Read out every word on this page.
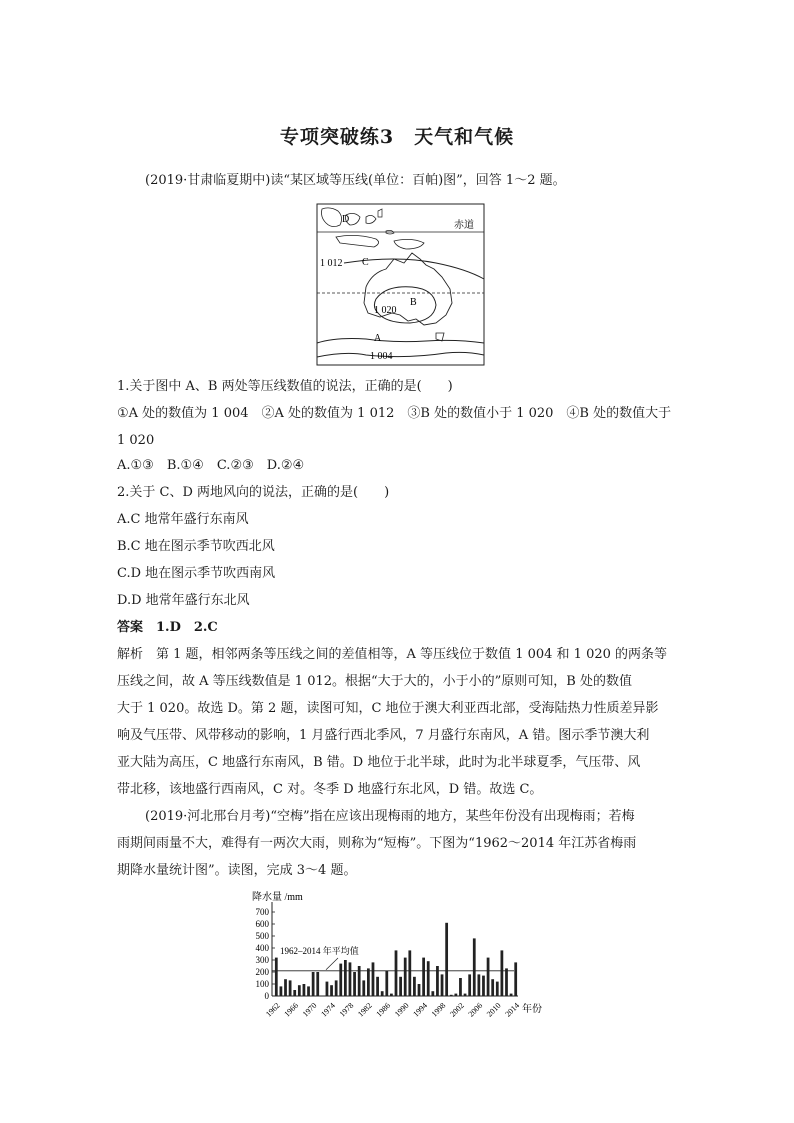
专项突破练3　天气和气候
(2019·甘肃临夏期中)读“某区域等压线(单位：百帕)图”，回答 1～2 题。
赤道
D
1 012 C
B
1 020
A
1 004
1.关于图中 A、B 两处等压线数值的说法，正确的是(　　)
①A 处的数值为 1 004　②A 处的数值为 1 012　③B 处的数值小于 1 020　④B 处的数值大于
1 020
A.①③　B.①④　C.②③　D.②④
2.关于 C、D 两地风向的说法，正确的是(　　)
A.C 地常年盛行东南风
B.C 地在图示季节吹西北风
C.D 地在图示季节吹西南风
D.D 地常年盛行东北风
答案　1.D　2.C
解析　第 1 题，相邻两条等压线之间的差值相等，A 等压线位于数值 1 004 和 1 020 的两条等
压线之间，故 A 等压线数值是 1 012。根据“大于大的，小于小的”原则可知，B 处的数值
大于 1 020。故选 D。第 2 题，读图可知，C 地位于澳大利亚西北部，受海陆热力性质差异影
响及气压带、风带移动的影响，1 月盛行西北季风，7 月盛行东南风，A 错。图示季节澳大利
亚大陆为高压，C 地盛行东南风，B 错。D 地位于北半球，此时为北半球夏季，气压带、风
带北移，该地盛行西南风，C 对。冬季 D 地盛行东北风，D 错。故选 C。
(2019·河北邢台月考)“空梅”指在应该出现梅雨的地方，某些年份没有出现梅雨；若梅
雨期间雨量不大，难得有一两次大雨，则称为“短梅”。下图为“1962～2014 年江苏省梅雨
期降水量统计图”。读图，完成 3～4 题。
降水量 /mm
0
100
200
300
400
500
600
700
1962–2014 年平均值
1962 1966 1970 1974 1978 1982 1986 1990 1994 1998 2002 2006 2010 2014 年份
